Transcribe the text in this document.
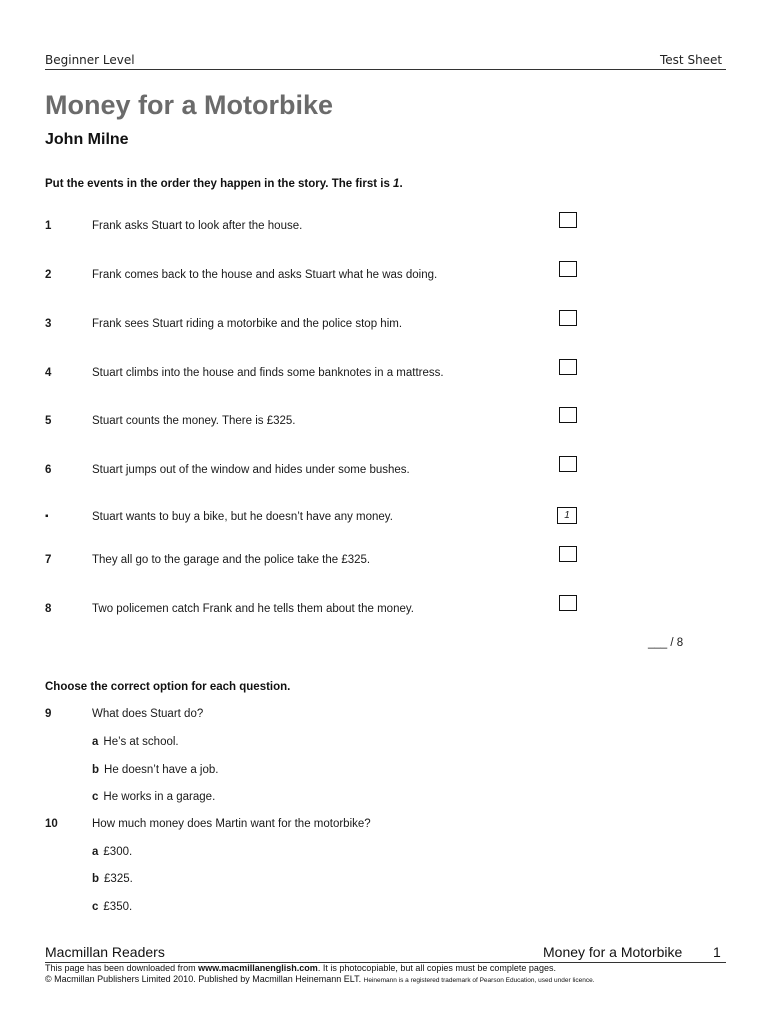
Beginner Level	Test Sheet
Money for a Motorbike
John Milne
Put the events in the order they happen in the story. The first is 1.
1	Frank asks Stuart to look after the house.
2	Frank comes back to the house and asks Stuart what he was doing.
3	Frank sees Stuart riding a motorbike and the police stop him.
4	Stuart climbs into the house and finds some banknotes in a mattress.
5	Stuart counts the money. There is £325.
6	Stuart jumps out of the window and hides under some bushes.
▪	Stuart wants to buy a bike, but he doesn’t have any money.	1
7	They all go to the garage and the police take the £325.
8	Two policemen catch Frank and he tells them about the money.
___ / 8
Choose the correct option for each question.
9	What does Stuart do?
a He’s at school.
b He doesn’t have a job.
c He works in a garage.
10	How much money does Martin want for the motorbike?
a £300.
b £325.
c £350.
Macmillan Readers	Money for a Motorbike 1
This page has been downloaded from www.macmillanenglish.com. It is photocopiable, but all copies must be complete pages.
© Macmillan Publishers Limited 2010. Published by Macmillan Heinemann ELT. Heinemann is a registered trademark of Pearson Education, used under licence.
